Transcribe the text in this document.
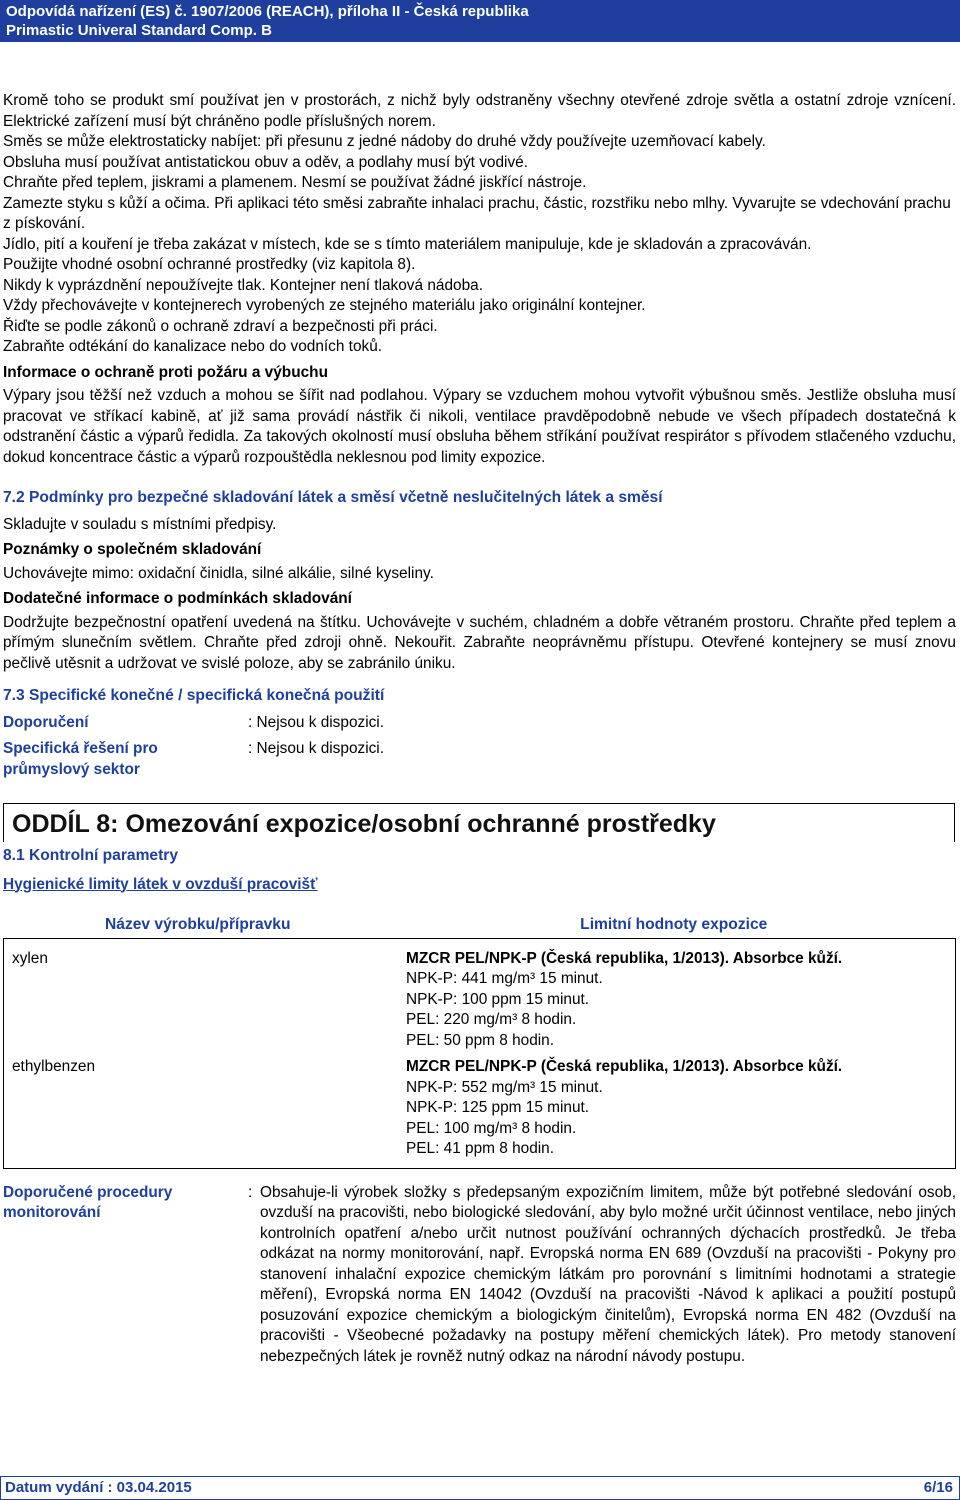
Odpovídá nařízení (ES) č. 1907/2006 (REACH), příloha II - Česká republika
Primastic Univeral Standard Comp. B

Kromě toho se produkt smí používat jen v prostorách, z nichž byly odstraněny všechny otevřené zdroje světla a ostatní zdroje vznícení. Elektrické zařízení musí být chráněno podle příslušných norem.

Směs se může elektrostaticky nabíjet: při přesunu z jedné nádoby do druhé vždy používejte uzemňovací kabely.

Obsluha musí používat antistatickou obuv a oděv, a podlahy musí být vodivé.

Chraňte před teplem, jiskrami a plamenem. Nesmí se používat žádné jiskřící nástroje.

Zamezte styku s kůží a očima. Při aplikaci této směsi zabraňte inhalaci prachu, částic, rozstřiku nebo mlhy. Vyvarujte se vdechování prachu z pískování.

Jídlo, pití a kouření je třeba zakázat v místech, kde se s tímto materiálem manipuluje, kde je skladován a zpracováván.

Použijte vhodné osobní ochranné prostředky (viz kapitola 8).

Nikdy k vyprázdnění nepoužívejte tlak. Kontejner není tlaková nádoba.

Vždy přechovávejte v kontejnerech vyrobených ze stejného materiálu jako originální kontejner.

Řiďte se podle zákonů o ochraně zdraví a bezpečnosti při práci.

Zabraňte odtékání do kanalizace nebo do vodních toků.

Informace o ochraně proti požáru a výbuchu

Výpary jsou těžší než vzduch a mohou se šířit nad podlahou. Výpary se vzduchem mohou vytvořit výbušnou směs. Jestliže obsluha musí pracovat ve stříkací kabině, ať již sama provádí nástřik či nikoli, ventilace pravděpodobně nebude ve všech případech dostatečná k odstranění částic a výparů ředidla. Za takových okolností musí obsluha během stříkání používat respirátor s přívodem stlačeného vzduchu, dokud koncentrace částic a výparů rozpouštědla neklesnou pod limity expozice.

7.2 Podmínky pro bezpečné skladování látek a směsí včetně neslučitelných látek a směsí

Skladujte v souladu s místními předpisy.

Poznámky o společném skladování

Uchovávejte mimo: oxidační činidla, silné alkálie, silné kyseliny.

Dodatečné informace o podmínkách skladování

Dodržujte bezpečnostní opatření uvedená na štítku. Uchovávejte v suchém, chladném a dobře větraném prostoru. Chraňte před teplem a přímým slunečním světlem. Chraňte před zdroji ohně. Nekouřit. Zabraňte neoprávněmu přístupu. Otevřené kontejnery se musí znovu pečlivě utěsnit a udržovat ve svislé poloze, aby se zabránilo úniku.

7.3 Specifické konečné / specifická konečná použití

Doporučení	: Nejsou k dispozici.
Specifická řešení pro průmyslový sektor
: Nejsou k dispozici.
ODDÍL 8: Omezování expozice/osobní ochranné prostředky

8.1 Kontrolní parametry

Hygienické limity látek v ovzduší pracovišť

Název výrobku/přípravku	Limitní hodnoty expozice
xylen	MZCR PEL/NPK-P (Česká republika, 1/2013). Absorbce kůží.
NPK-P: 441 mg/m³ 15 minut.
NPK-P: 100 ppm 15 minut.
PEL: 220 mg/m³ 8 hodin.
PEL: 50 ppm 8 hodin.

ethylbenzen	MZCR PEL/NPK-P (Česká republika, 1/2013). Absorbce kůží.
NPK-P: 552 mg/m³ 15 minut.
NPK-P: 125 ppm 15 minut.
PEL: 100 mg/m³ 8 hodin.
PEL: 41 ppm 8 hodin.
Doporučené procedury monitorování
: Obsahuje-li výrobek složky s předepsaným expozičním limitem, může být potřebné sledování osob, ovzduší na pracovišti, nebo biologické sledování, aby bylo možné určit účinnost ventilace, nebo jiných kontrolních opatření a/nebo určit nutnost používání ochranných dýchacích prostředků. Je třeba odkázat na normy monitorování, např. Evropská norma EN 689 (Ovzduší na pracovišti - Pokyny pro stanovení inhalační expozice chemickým látkám pro porovnání s limitními hodnotami a strategie měření), Evropská norma EN 14042 (Ovzduší na pracovišti -Návod k aplikaci a použití postupů posuzování expozice chemickým a biologickým činitelům), Evropská norma EN 482 (Ovzduší na pracovišti - Všeobecné požadavky na postupy měření chemických látek). Pro metody stanovení nebezpečných látek je rovněž nutný odkaz na národní návody postupu.
Datum vydání : 03.04.2015	6/16
